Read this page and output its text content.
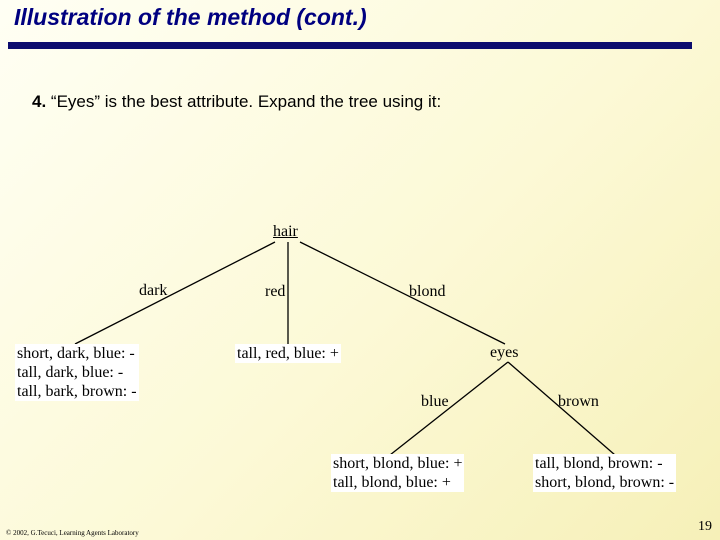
Illustration of the method (cont.)
4. “Eyes” is the best attribute. Expand the tree using it:
hair
dark	red	blond
eyes
blue	brown
short, dark, blue: -
tall, dark, blue: -
tall, bark, brown: -
tall, red, blue: +
short, blond, blue: +
tall, blond, blue: +
tall, blond, brown: -
short, blond, brown: -
© 2002, G.Tecuci, Learning Agents Laboratory	19
